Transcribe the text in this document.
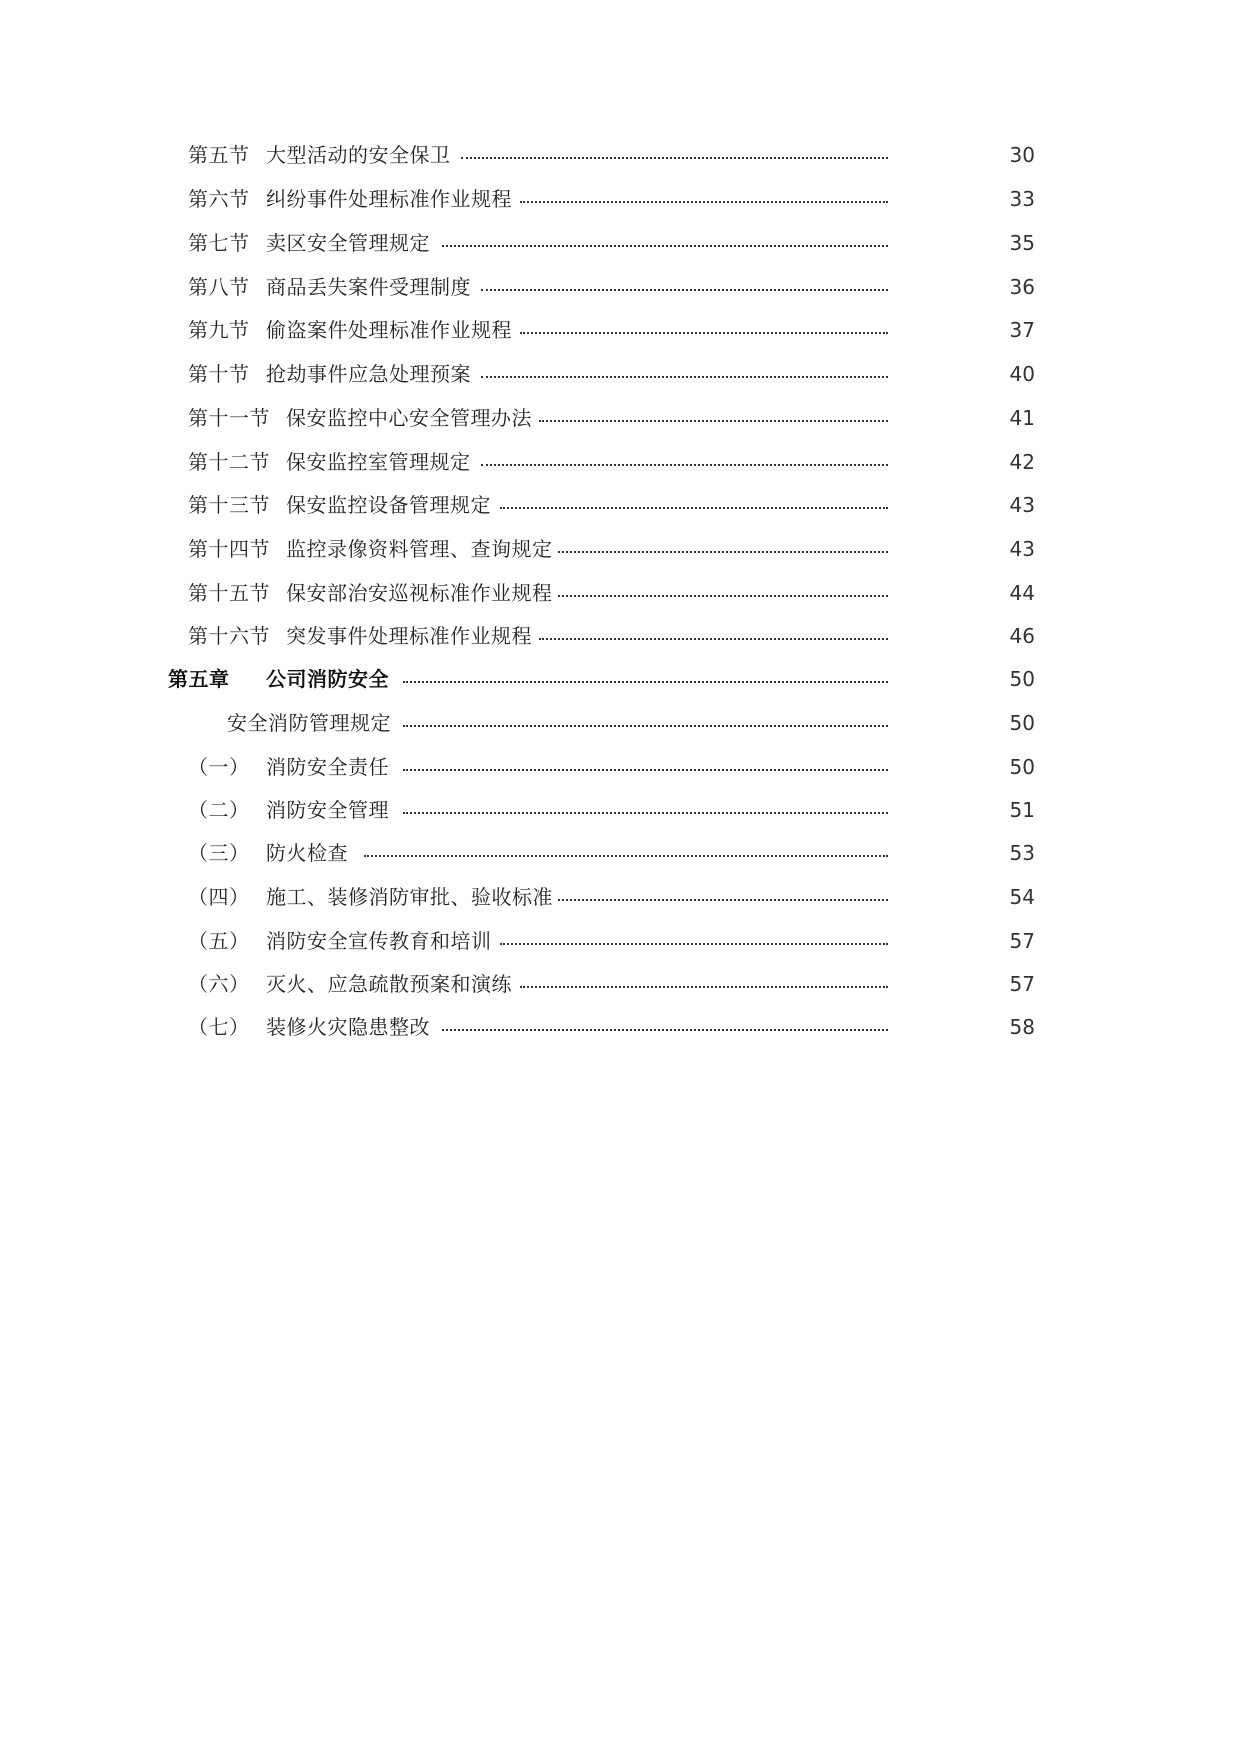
第五节 大型活动的安全保卫	30
第六节 纠纷事件处理标准作业规程	33
第七节 卖区安全管理规定	35
第八节 商品丢失案件受理制度	36
第九节 偷盗案件处理标准作业规程	37
第十节 抢劫事件应急处理预案	40
第十一节 保安监控中心安全管理办法	41
第十二节 保安监控室管理规定	42
第十三节 保安监控设备管理规定	43
第十四节 监控录像资料管理、查询规定	43
第十五节 保安部治安巡视标准作业规程	44
第十六节 突发事件处理标准作业规程	46
第五章 公司消防安全	50
安全消防管理规定	50
（一） 消防安全责任	50
（二） 消防安全管理	51
（三） 防火检查	53
（四） 施工、装修消防审批、验收标准	54
（五） 消防安全宣传教育和培训	57
（六） 灭火、应急疏散预案和演练	57
（七） 装修火灾隐患整改	58
